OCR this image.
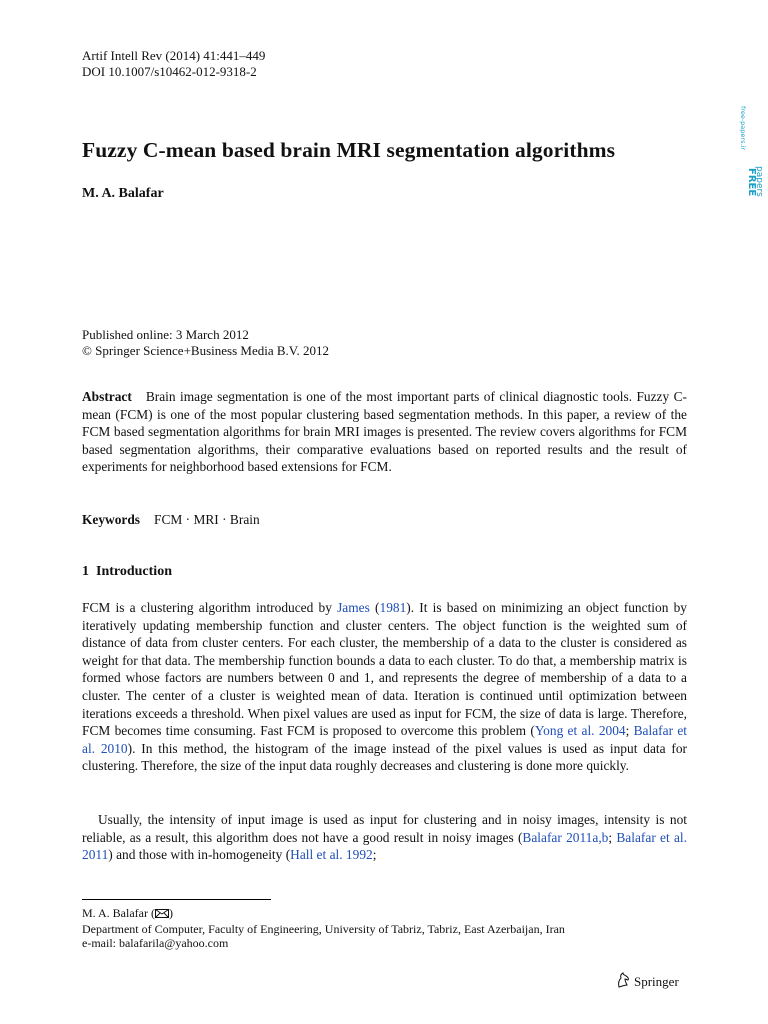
Artif Intell Rev (2014) 41:441–449
DOI 10.1007/s10462-012-9318-2
Fuzzy C-mean based brain MRI segmentation algorithms
M. A. Balafar
Published online: 3 March 2012
© Springer Science+Business Media B.V. 2012
Abstract Brain image segmentation is one of the most important parts of clinical diagnostic tools. Fuzzy C-mean (FCM) is one of the most popular clustering based segmentation methods. In this paper, a review of the FCM based segmentation algorithms for brain MRI images is presented. The review covers algorithms for FCM based segmentation algorithms, their comparative evaluations based on reported results and the result of experiments for neighborhood based extensions for FCM.
Keywords FCM · MRI · Brain
1 Introduction
FCM is a clustering algorithm introduced by James (1981). It is based on minimizing an object function by iteratively updating membership function and cluster centers. The object function is the weighted sum of distance of data from cluster centers. For each cluster, the membership of a data to the cluster is considered as weight for that data. The membership function bounds a data to each cluster. To do that, a membership matrix is formed whose factors are numbers between 0 and 1, and represents the degree of membership of a data to a cluster. The center of a cluster is weighted mean of data. Iteration is continued until optimization between iterations exceeds a threshold. When pixel values are used as input for FCM, the size of data is large. Therefore, FCM becomes time consuming. Fast FCM is proposed to overcome this problem (Yong et al. 2004; Balafar et al. 2010). In this method, the histogram of the image instead of the pixel values is used as input data for clustering. Therefore, the size of the input data roughly decreases and clustering is done more quickly.
Usually, the intensity of input image is used as input for clustering and in noisy images, intensity is not reliable, as a result, this algorithm does not have a good result in noisy images (Balafar 2011a,b; Balafar et al. 2011) and those with in-homogeneity (Hall et al. 1992;
M. A. Balafar ( )
Department of Computer, Faculty of Engineering, University of Tabriz, Tabriz, East Azerbaijan, Iran
e-mail: balafarila@yahoo.com
Springer
free-papers.ir
FREE
papers
